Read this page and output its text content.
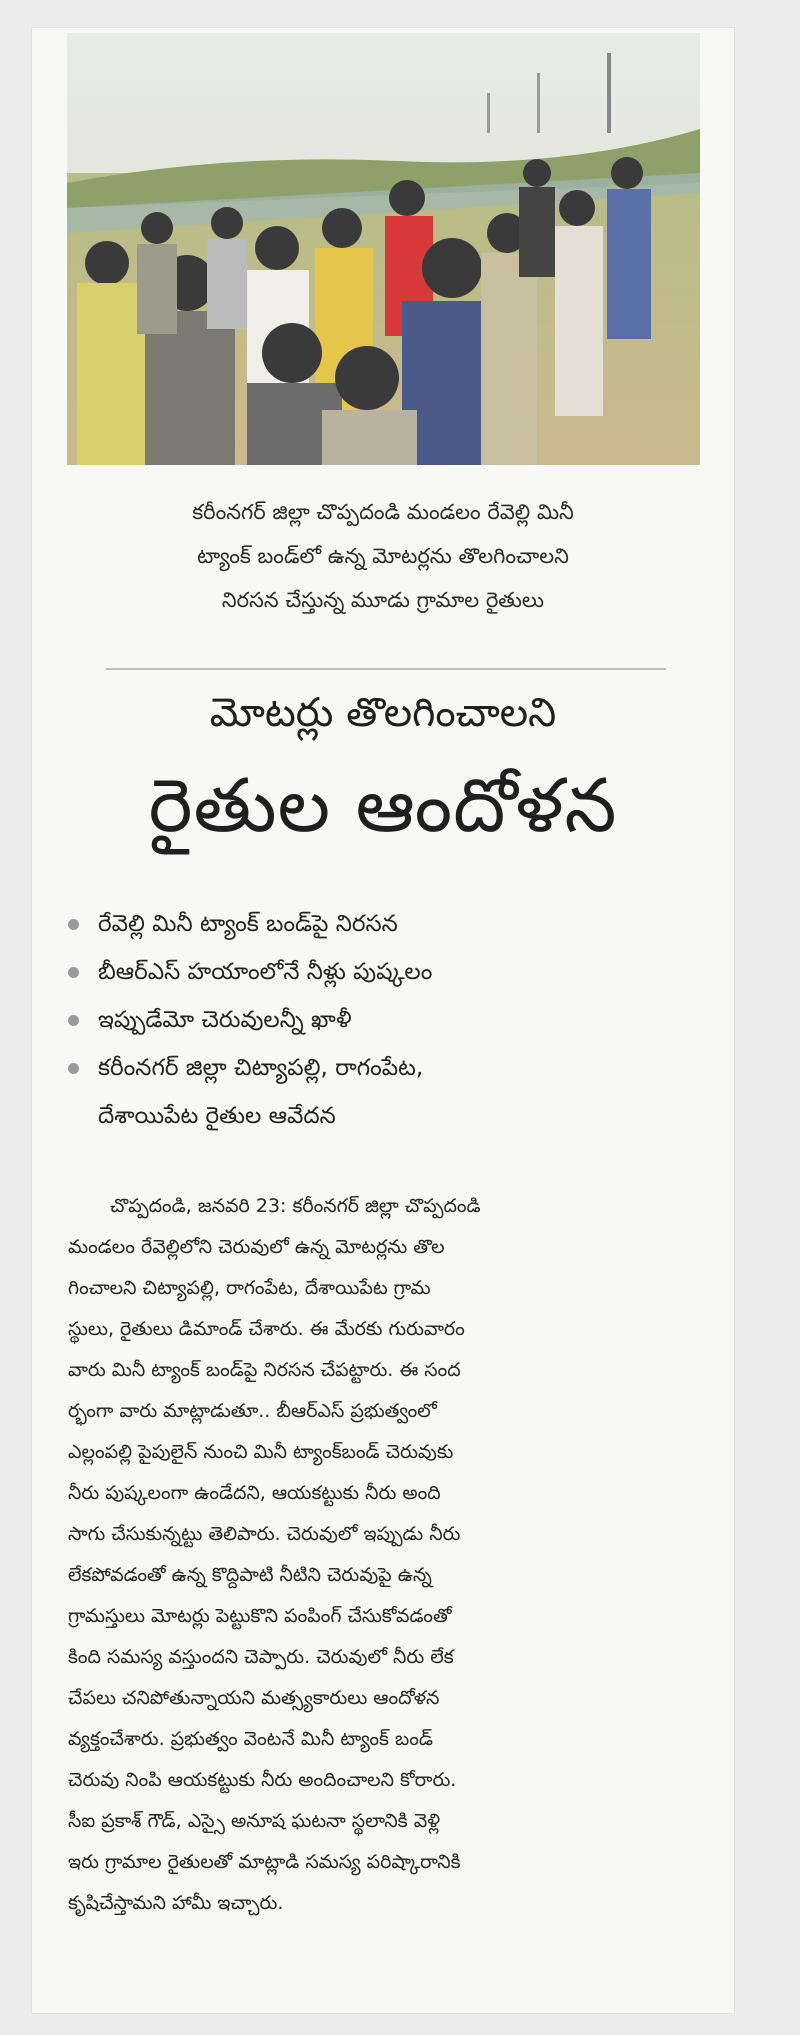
కరీంనగర్ జిల్లా చొప్పదండి మండలం రేవెల్లి మినీ
ట్యాంక్ బండ్‌లో ఉన్న మోటర్లను తొలగించాలని
నిరసన చేస్తున్న మూడు గ్రామాల రైతులు
మోటర్లు తొలగించాలని
రైతుల ఆందోళన
రేవెల్లి మినీ ట్యాంక్ బండ్‌పై నిరసన
బీఆర్ఎస్ హయాంలోనే నీళ్లు పుష్కలం
ఇప్పుడేమో చెరువులన్నీ ఖాళీ
కరీంనగర్ జిల్లా చిట్యాపల్లి, రాగంపేట,
దేశాయిపేట రైతుల ఆవేదన
చొప్పదండి, జనవరి 23: కరీంనగర్ జిల్లా చొప్పదండి
మండలం రేవెల్లిలోని చెరువులో ఉన్న మోటర్లను తొల
గించాలని చిట్యాపల్లి, రాగంపేట, దేశాయిపేట గ్రామ
స్థులు, రైతులు డిమాండ్ చేశారు. ఈ మేరకు గురువారం
వారు మినీ ట్యాంక్ బండ్‌పై నిరసన చేపట్టారు. ఈ సంద
ర్భంగా వారు మాట్లాడుతూ.. బీఆర్ఎస్ ప్రభుత్వంలో
ఎల్లంపల్లి పైపులైన్ నుంచి మినీ ట్యాంక్‌బండ్ చెరువుకు
నీరు పుష్కలంగా ఉండేదని, ఆయకట్టుకు నీరు అంది
సాగు చేసుకున్నట్టు తెలిపారు. చెరువులో ఇప్పుడు నీరు
లేకపోవడంతో ఉన్న కొద్దిపాటి నీటిని చెరువుపై ఉన్న
గ్రామస్తులు మోటర్లు పెట్టుకొని పంపింగ్ చేసుకోవడంతో
కింది సమస్య వస్తుందని చెప్పారు. చెరువులో నీరు లేక
చేపలు చనిపోతున్నాయని మత్స్యకారులు ఆందోళన
వ్యక్తంచేశారు. ప్రభుత్వం వెంటనే మినీ ట్యాంక్ బండ్
చెరువు నింపి ఆయకట్టుకు నీరు అందించాలని కోరారు.
సీఐ ప్రకాశ్ గౌడ్, ఎస్సై అనూష ఘటనా స్థలానికి వెళ్లి
ఇరు గ్రామాల రైతులతో మాట్లాడి సమస్య పరిష్కారానికి
కృషిచేస్తామని హామీ ఇచ్చారు.
